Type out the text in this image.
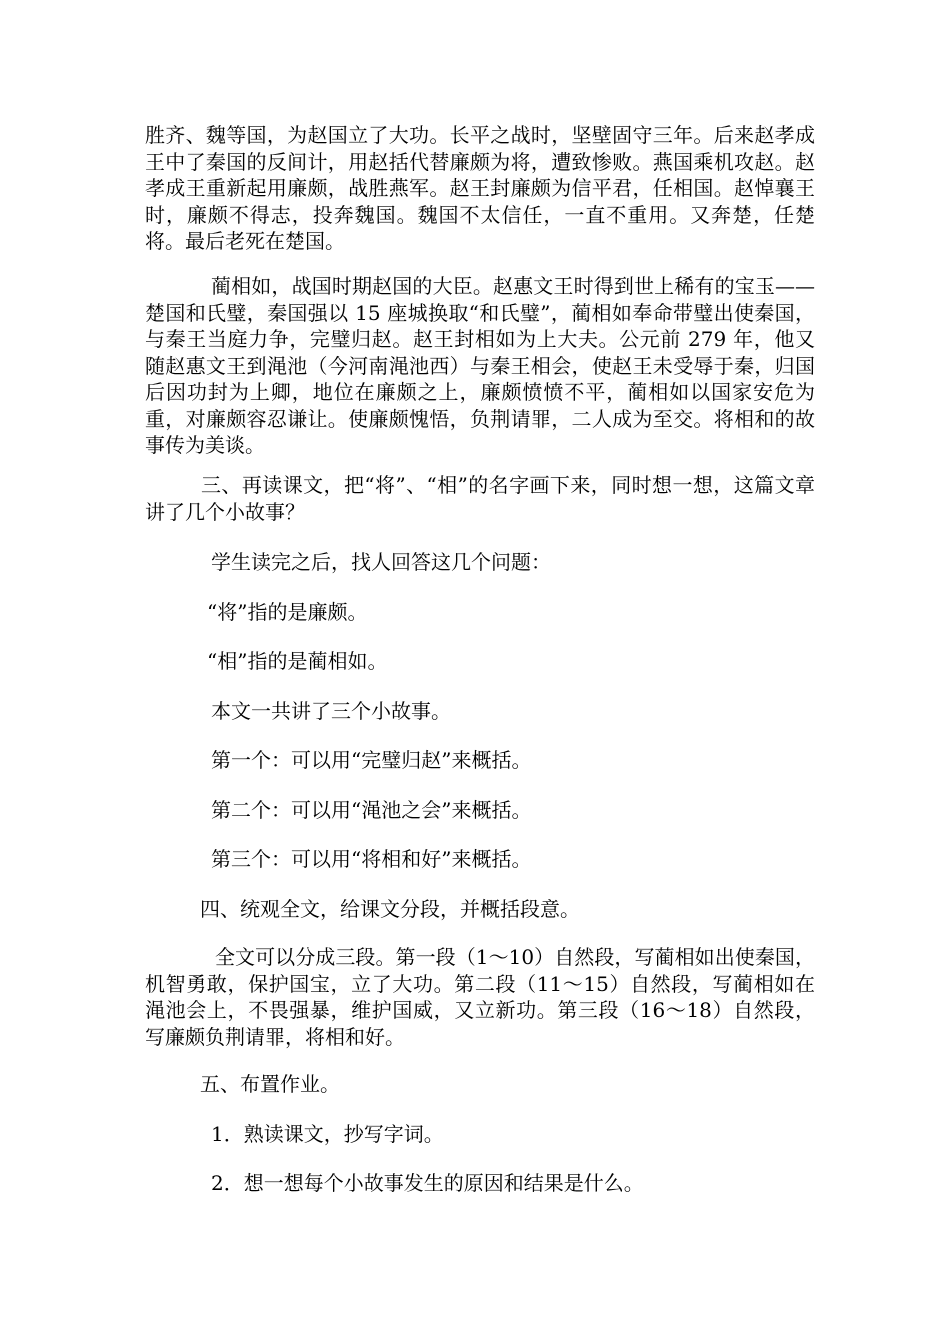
胜齐、魏等国，为赵国立了大功。长平之战时，坚壁固守三年。后来赵孝成王中了秦国的反间计，用赵括代替廉颇为将，遭致惨败。燕国乘机攻赵。赵孝成王重新起用廉颇，战胜燕军。赵王封廉颇为信平君，任相国。赵悼襄王时，廉颇不得志，投奔魏国。魏国不太信任，一直不重用。又奔楚，任楚将。最后老死在楚国。

蔺相如，战国时期赵国的大臣。赵惠文王时得到世上稀有的宝玉——楚国和氏璧，秦国强以 15 座城换取“和氏璧”，蔺相如奉命带璧出使秦国，与秦王当庭力争，完璧归赵。赵王封相如为上大夫。公元前 279 年，他又随赵惠文王到渑池（今河南渑池西）与秦王相会，使赵王未受辱于秦，归国后因功封为上卿，地位在廉颇之上，廉颇愤愤不平，蔺相如以国家安危为重，对廉颇容忍谦让。使廉颇愧悟，负荆请罪，二人成为至交。将相和的故事传为美谈。

三、再读课文，把“将”、“相”的名字画下来，同时想一想，这篇文章讲了几个小故事？

学生读完之后，找人回答这几个问题：

“将”指的是廉颇。

“相”指的是蔺相如。

本文一共讲了三个小故事。

第一个：可以用“完璧归赵”来概括。

第二个：可以用“渑池之会”来概括。

第三个：可以用“将相和好”来概括。

四、统观全文，给课文分段，并概括段意。

全文可以分成三段。第一段（1～10）自然段，写蔺相如出使秦国，机智勇敢，保护国宝，立了大功。第二段（11～15）自然段，写蔺相如在渑池会上，不畏强暴，维护国威，又立新功。第三段（16～18）自然段，写廉颇负荆请罪，将相和好。

五、布置作业。

1．熟读课文，抄写字词。

2．想一想每个小故事发生的原因和结果是什么。
